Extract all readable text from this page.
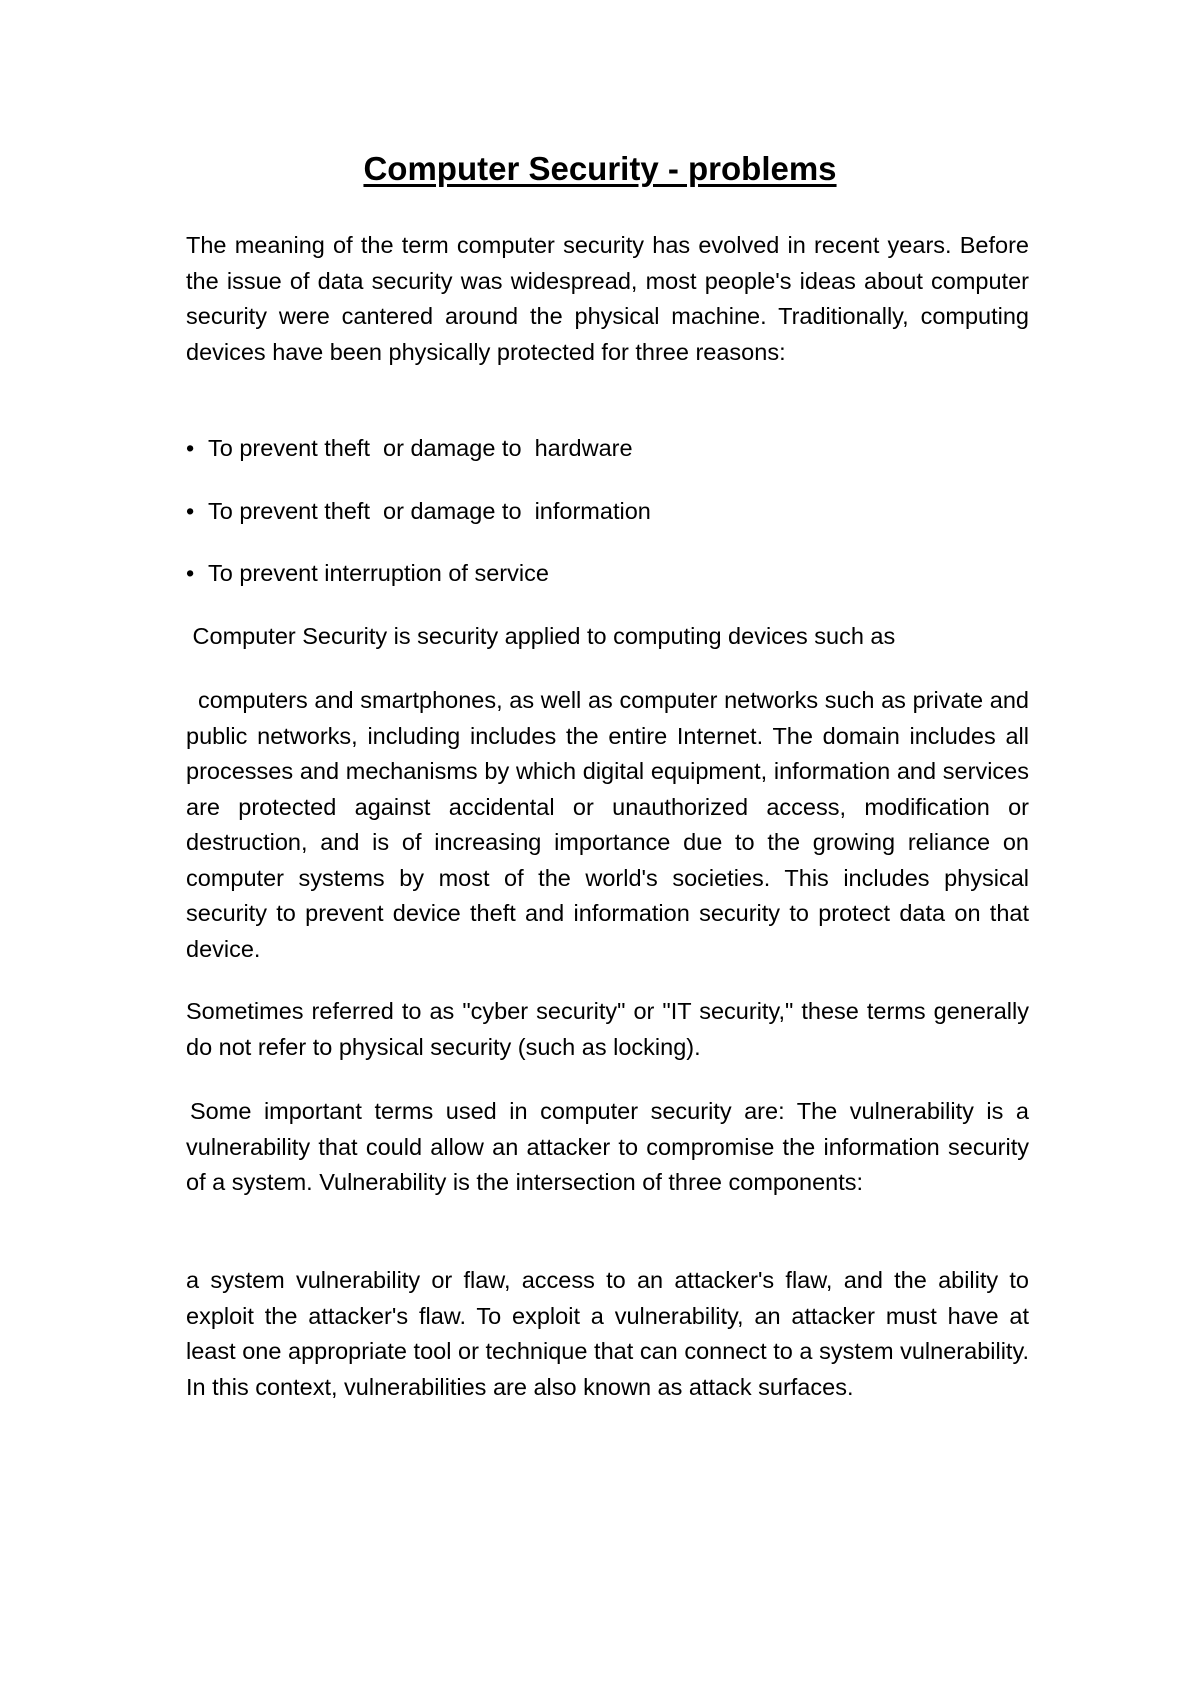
Computer Security - problems

The meaning of the term computer security has evolved in recent years. Before the issue of data security was widespread, most people's ideas about computer security were cantered around the physical machine. Traditionally, computing devices have been physically protected for three reasons:

• To prevent theft  or damage to  hardware
• To prevent theft  or damage to  information
• To prevent interruption of service

Computer Security is security applied to computing devices such as

computers and smartphones, as well as computer networks such as private and public networks, including includes the entire Internet. The domain includes all processes and mechanisms by which digital equipment, information and services are protected against accidental or unauthorized access, modification or destruction, and is of increasing importance due to the growing reliance on computer systems by most of the world's societies. This includes physical security to prevent device theft and information security to protect data on that device.

Sometimes referred to as "cyber security" or "IT security," these terms generally do not refer to physical security (such as locking).

Some important terms used in computer security are: The vulnerability is a vulnerability that could allow an attacker to compromise the information security of a system. Vulnerability is the intersection of three components:

a system vulnerability or flaw, access to an attacker's flaw, and the ability to exploit the attacker's flaw. To exploit a vulnerability, an attacker must have at least one appropriate tool or technique that can connect to a system vulnerability. In this context, vulnerabilities are also known as attack surfaces.
